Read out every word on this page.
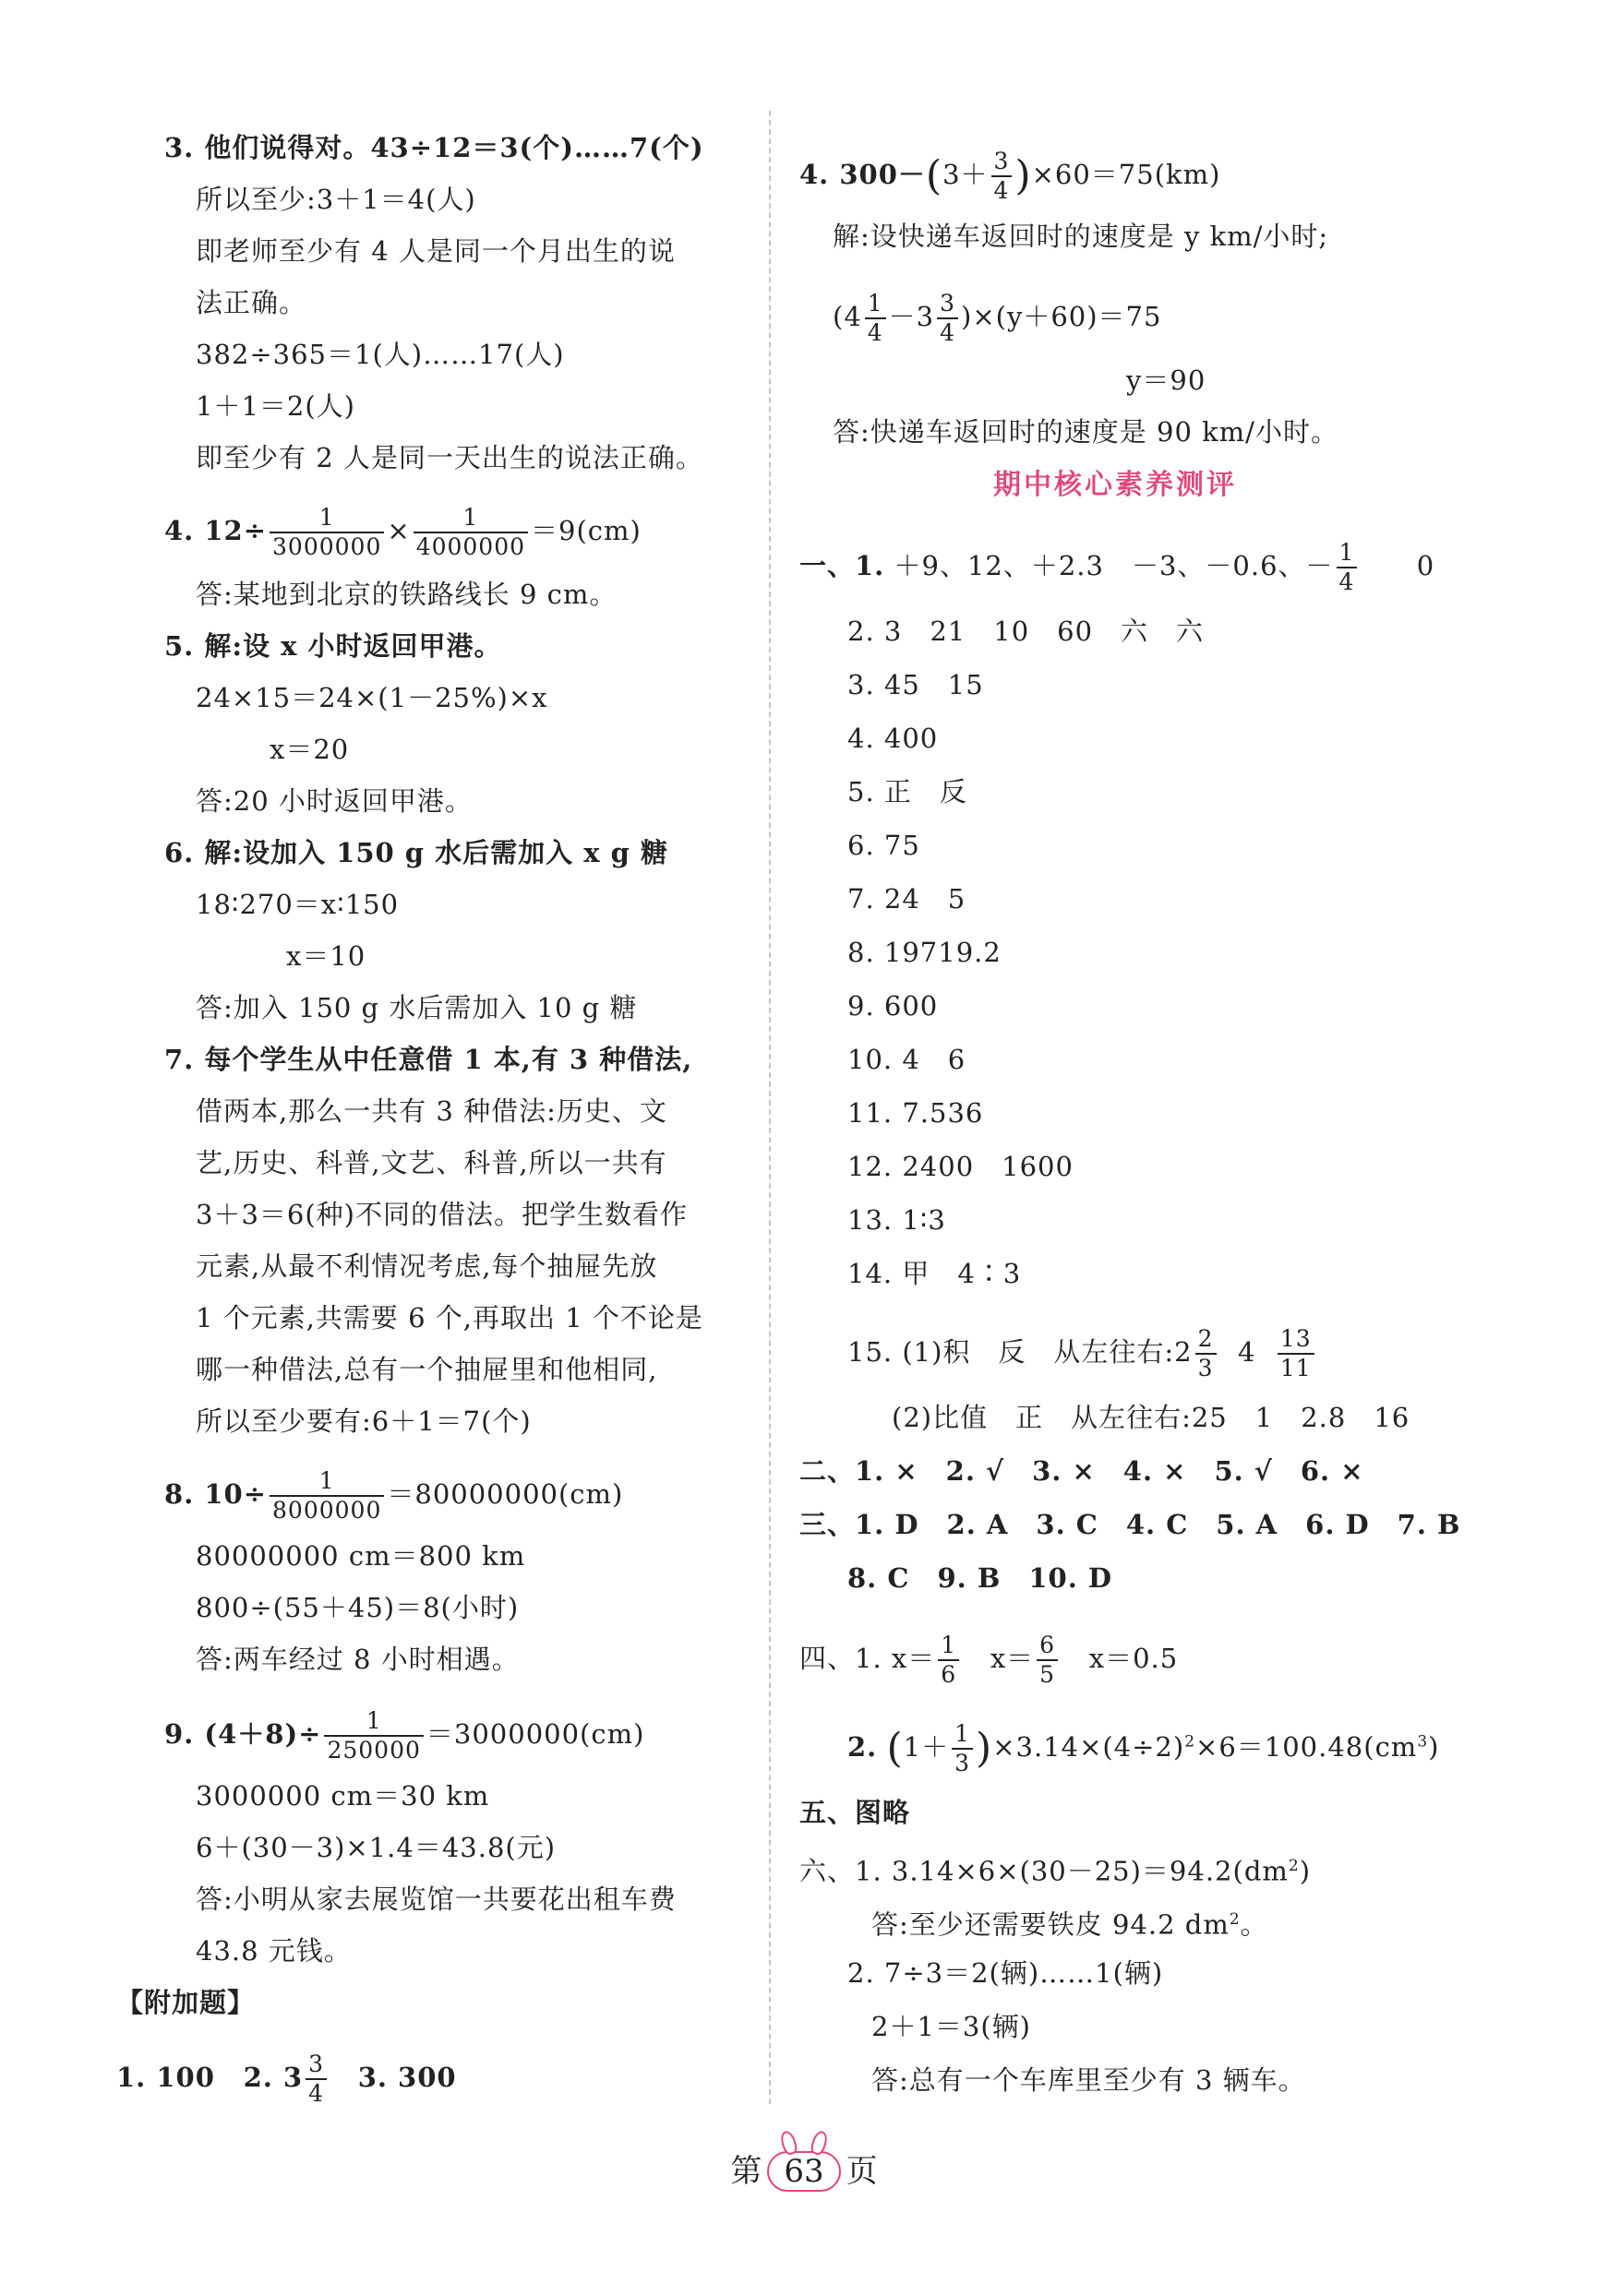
3. 他们说得对。43÷12＝3(个)……7(个)
所以至少:3＋1＝4(人)
即老师至少有 4 人是同一个月出生的说
法正确。
382÷365＝1(人)……17(人)
1＋1＝2(人)
即至少有 2 人是同一天出生的说法正确。
4. $12\div \frac{1}{3000000} \times \frac{1}{4000000} =9(cm)$
答:某地到北京的铁路线长 9 cm。
5. 解:设 x 小时返回甲港。
24×15＝24×(1－25%)×x
x＝20
答:20 小时返回甲港。
6. 解:设加入 150 g 水后需加入 x g 糖
18∶270＝x∶150
x＝10
答:加入 150 g 水后需加入 10 g 糖
7. 每个学生从中任意借 1 本,有 3 种借法,
借两本,那么一共有 3 种借法:历史、文
艺,历史、科普,文艺、科普,所以一共有
3＋3＝6(种)不同的借法。把学生数看作
元素,从最不利情况考虑,每个抽屉先放
1 个元素,共需要 6 个,再取出 1 个不论是
哪一种借法,总有一个抽屉里和他相同,
所以至少要有:6＋1＝7(个)
8. $10\div \frac{1}{8000000} =80000000(cm)$
80000000 cm＝800 km
800÷(55＋45)＝8(小时)
答:两车经过 8 小时相遇。
9. $(4+8)\div \frac{1}{250000} =3000000(cm)$
3000000 cm＝30 km
6＋(30－3)×1.4＝43.8(元)
答:小明从家去展览馆一共要花出租车费
43.8 元钱。
【附加题】
1. 100 2. $3 \frac{3}{4} 3$. 300
4. $300-(3+ \frac{3}{4} )\times 60=75(km)$
解:设快递车返回时的速度是 y km/小时;
$(4 \frac{1}{4} -3 \frac{3}{4} )\times(y+60)=75$
y＝90
答:快递车返回时的速度是 90 km/小时。
期中核心素养测评
一、1. ＋9、12、＋2.3　－3、－0.6、－ $\frac{1}{4} 0$
2. 3　21　10　60　六　六
3. 45　15
4. 400
5. 正　反
6. 75
7. 24　5
8. 19719.2
9. 600
10. 4　6
11. 7.536
12. 2400　1600
13. 1∶3
14. 甲　4∶3
15. (1)积　反　从左往右:2 $\frac{2}{3} 4 \frac{13}{11}$
(2)比值　正　从左往右:25　1　2.8　16
二、1. ×　2. √　3. ×　4. ×　5. √　6. ×
三、1. D　2. A　3. C　4. C　5. A　6. D　7. B
8. C　9. B　10. D
四、1. $x= \frac{1}{6} x= \frac{6}{5} x=0.5$
2. $(1+ \frac{1}{3} )\times 3.14\times(4\div 2)^2\times 6=100.48(cm^3)$
五、图略
六、1. $3.14\times 6\times(30-25)=94.2(dm^2)$
答:至少还需要铁皮 94.2 $dm^2$。
2. 7÷3＝2(辆)……1(辆)
2＋1＝3(辆)
答:总有一个车库里至少有 3 辆车。
第 63 页
